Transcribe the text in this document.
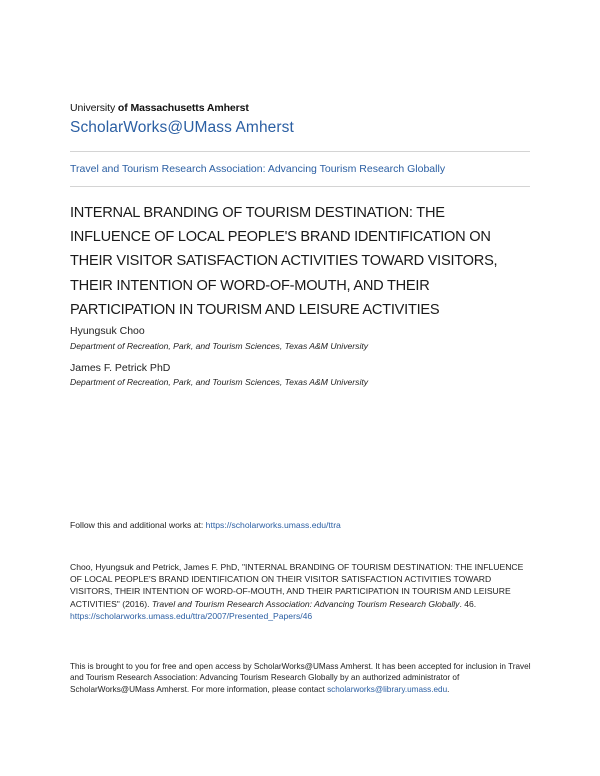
University of Massachusetts Amherst
ScholarWorks@UMass Amherst
Travel and Tourism Research Association: Advancing Tourism Research Globally
INTERNAL BRANDING OF TOURISM DESTINATION: THE
INFLUENCE OF LOCAL PEOPLE'S BRAND IDENTIFICATION ON
THEIR VISITOR SATISFACTION ACTIVITIES TOWARD VISITORS,
THEIR INTENTION OF WORD-OF-MOUTH, AND THEIR
PARTICIPATION IN TOURISM AND LEISURE ACTIVITIES
Hyungsuk Choo
Department of Recreation, Park, and Tourism Sciences, Texas A&M University
James F. Petrick PhD
Department of Recreation, Park, and Tourism Sciences, Texas A&M University
Follow this and additional works at: https://scholarworks.umass.edu/ttra
Choo, Hyungsuk and Petrick, James F. PhD, "INTERNAL BRANDING OF TOURISM DESTINATION: THE INFLUENCE OF LOCAL PEOPLE'S BRAND IDENTIFICATION ON THEIR VISITOR SATISFACTION ACTIVITIES TOWARD VISITORS, THEIR INTENTION OF WORD-OF-MOUTH, AND THEIR PARTICIPATION IN TOURISM AND LEISURE ACTIVITIES" (2016). Travel and Tourism Research Association: Advancing Tourism Research Globally. 46.
https://scholarworks.umass.edu/ttra/2007/Presented_Papers/46
This is brought to you for free and open access by ScholarWorks@UMass Amherst. It has been accepted for inclusion in Travel and Tourism Research Association: Advancing Tourism Research Globally by an authorized administrator of ScholarWorks@UMass Amherst. For more information, please contact scholarworks@library.umass.edu.
